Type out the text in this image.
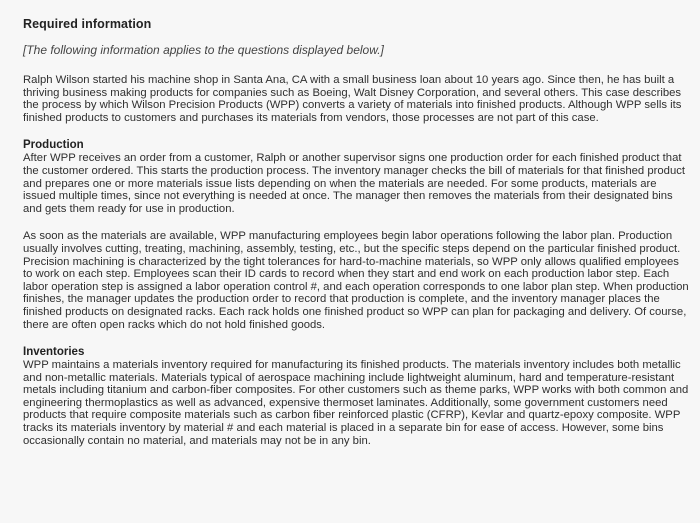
Required information
[The following information applies to the questions displayed below.]

Ralph Wilson started his machine shop in Santa Ana, CA with a small business loan about 10 years ago. Since then, he has built a thriving business making products for companies such as Boeing, Walt Disney Corporation, and several others. This case describes the process by which Wilson Precision Products (WPP) converts a variety of materials into finished products. Although WPP sells its finished products to customers and purchases its materials from vendors, those processes are not part of this case.

Production

After WPP receives an order from a customer, Ralph or another supervisor signs one production order for each finished product that the customer ordered. This starts the production process. The inventory manager checks the bill of materials for that finished product and prepares one or more materials issue lists depending on when the materials are needed. For some products, materials are issued multiple times, since not everything is needed at once. The manager then removes the materials from their designated bins and gets them ready for use in production.

As soon as the materials are available, WPP manufacturing employees begin labor operations following the labor plan. Production usually involves cutting, treating, machining, assembly, testing, etc., but the specific steps depend on the particular finished product. Precision machining is characterized by the tight tolerances for hard-to-machine materials, so WPP only allows qualified employees to work on each step. Employees scan their ID cards to record when they start and end work on each production labor step. Each labor operation step is assigned a labor operation control #, and each operation corresponds to one labor plan step. When production finishes, the manager updates the production order to record that production is complete, and the inventory manager places the finished products on designated racks. Each rack holds one finished product so WPP can plan for packaging and delivery. Of course, there are often open racks which do not hold finished goods.

Inventories

WPP maintains a materials inventory required for manufacturing its finished products. The materials inventory includes both metallic and non-metallic materials. Materials typical of aerospace machining include lightweight aluminum, hard and temperature-resistant metals including titanium and carbon-fiber composites. For other customers such as theme parks, WPP works with both common and engineering thermoplastics as well as advanced, expensive thermoset laminates. Additionally, some government customers need products that require composite materials such as carbon fiber reinforced plastic (CFRP), Kevlar and quartz-epoxy composite. WPP tracks its materials inventory by material # and each material is placed in a separate bin for ease of access. However, some bins occasionally contain no material, and materials may not be in any bin.
